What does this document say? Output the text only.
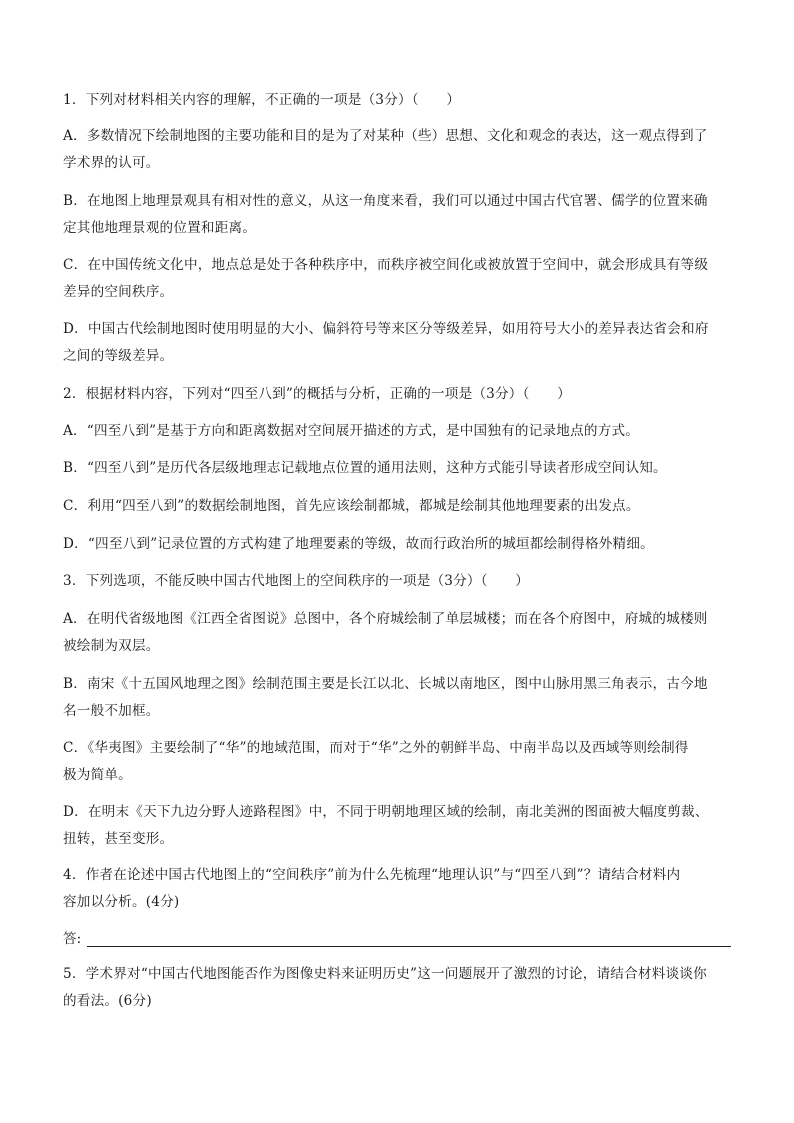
1．下列对材料相关内容的理解，不正确的一项是（3分）（　　）
A．多数情况下绘制地图的主要功能和目的是为了对某种（些）思想、文化和观念的表达，这一观点得到了
学术界的认可。
B．在地图上地理景观具有相对性的意义，从这一角度来看，我们可以通过中国古代官署、儒学的位置来确
定其他地理景观的位置和距离。
C．在中国传统文化中，地点总是处于各种秩序中，而秩序被空间化或被放置于空间中，就会形成具有等级
差异的空间秩序。
D．中国古代绘制地图时使用明显的大小、偏斜符号等来区分等级差异，如用符号大小的差异表达省会和府
之间的等级差异。
2．根据材料内容，下列对“四至八到”的概括与分析，正确的一项是（3分）（　　）
A．“四至八到”是基于方向和距离数据对空间展开描述的方式，是中国独有的记录地点的方式。
B．“四至八到”是历代各层级地理志记载地点位置的通用法则，这种方式能引导读者形成空间认知。
C．利用“四至八到”的数据绘制地图，首先应该绘制都城，都城是绘制其他地理要素的出发点。
D．“四至八到”记录位置的方式构建了地理要素的等级，故而行政治所的城垣都绘制得格外精细。
3．下列选项，不能反映中国古代地图上的空间秩序的一项是（3分）（　　）
A．在明代省级地图《江西全省图说》总图中，各个府城绘制了单层城楼；而在各个府图中，府城的城楼则
被绘制为双层。
B．南宋《十五国风地理之图》绘制范围主要是长江以北、长城以南地区，图中山脉用黑三角表示，古今地
名一般不加框。
C．《华夷图》主要绘制了“华”的地域范围，而对于“华”之外的朝鲜半岛、中南半岛以及西域等则绘制得
极为简单。
D．在明末《天下九边分野人迹路程图》中，不同于明朝地理区域的绘制，南北美洲的图面被大幅度剪裁、
扭转，甚至变形。
4．作者在论述中国古代地图上的“空间秩序”前为什么先梳理“地理认识”与“四至八到”？请结合材料内
容加以分析。(4分)
答:
5．学术界对“中国古代地图能否作为图像史料来证明历史”这一问题展开了激烈的讨论，请结合材料谈谈你
的看法。(6分)
